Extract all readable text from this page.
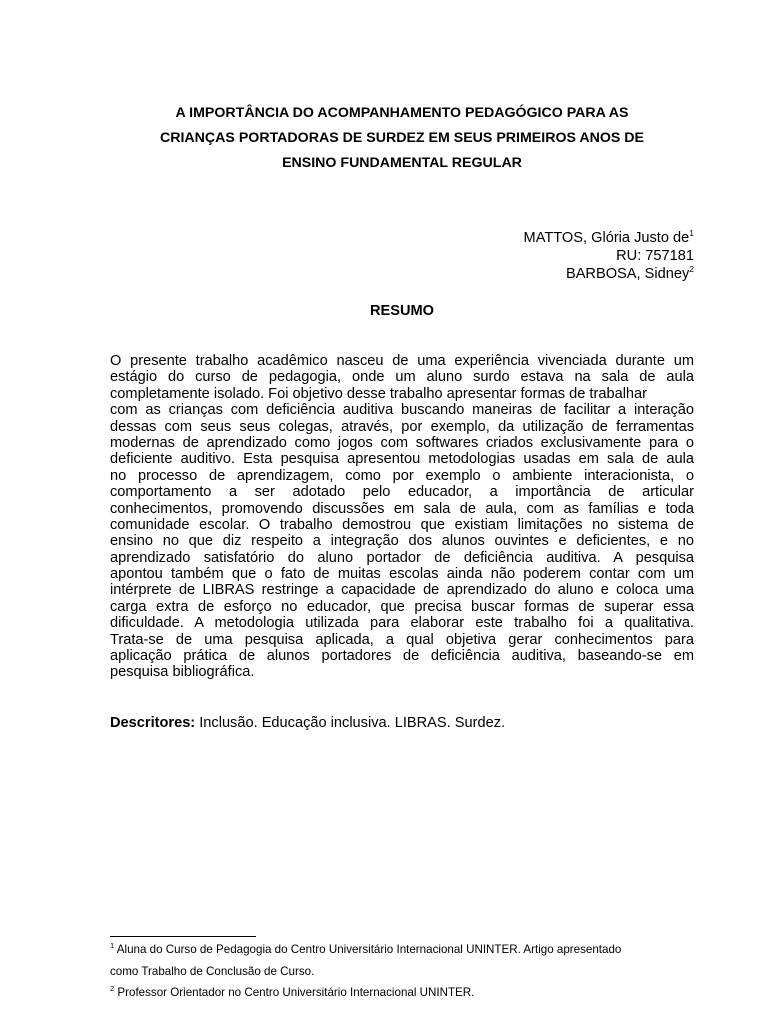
A IMPORTÂNCIA DO ACOMPANHAMENTO PEDAGÓGICO PARA AS
CRIANÇAS PORTADORAS DE SURDEZ EM SEUS PRIMEIROS ANOS DE
ENSINO FUNDAMENTAL REGULAR
MATTOS, Glória Justo $de^1$
RU: 757181
BARBOSA, Sidney$^2$
RESUMO
O presente trabalho acadêmico nasceu de uma experiência vivenciada durante um
estágio do curso de pedagogia, onde um aluno surdo estava na sala de aula
completamente isolado. Foi objetivo desse trabalho apresentar formas de trabalhar
com as crianças com deficiência auditiva buscando maneiras de facilitar a interação
dessas com seus seus colegas, através, por exemplo, da utilização de ferramentas
modernas de aprendizado como jogos com softwares criados exclusivamente para o
deficiente auditivo. Esta pesquisa apresentou metodologias usadas em sala de aula
no processo de aprendizagem, como por exemplo o ambiente interacionista, o
comportamento a ser adotado pelo educador, a importância de articular
conhecimentos, promovendo discussões em sala de aula, com as famílias e toda
comunidade escolar. O trabalho demostrou que existiam limitações no sistema de
ensino no que diz respeito a integração dos alunos ouvintes e deficientes, e no
aprendizado satisfatório do aluno portador de deficiência auditiva. A pesquisa
apontou também que o fato de muitas escolas ainda não poderem contar com um
intérprete de LIBRAS restringe a capacidade de aprendizado do aluno e coloca uma
carga extra de esforço no educador, que precisa buscar formas de superar essa
dificuldade. A metodologia utilizada para elaborar este trabalho foi a qualitativa.
Trata-se de uma pesquisa aplicada, a qual objetiva gerar conhecimentos para
aplicação prática de alunos portadores de deficiência auditiva, baseando-se em
pesquisa bibliográfica.
Descritores: Inclusão. Educação inclusiva. LIBRAS. Surdez.
$^1$ Aluna do Curso de Pedagogia do Centro Universitário Internacional UNINTER. Artigo apresentado
como Trabalho de Conclusão de Curso.
$^2$ Professor Orientador no Centro Universitário Internacional UNINTER.
